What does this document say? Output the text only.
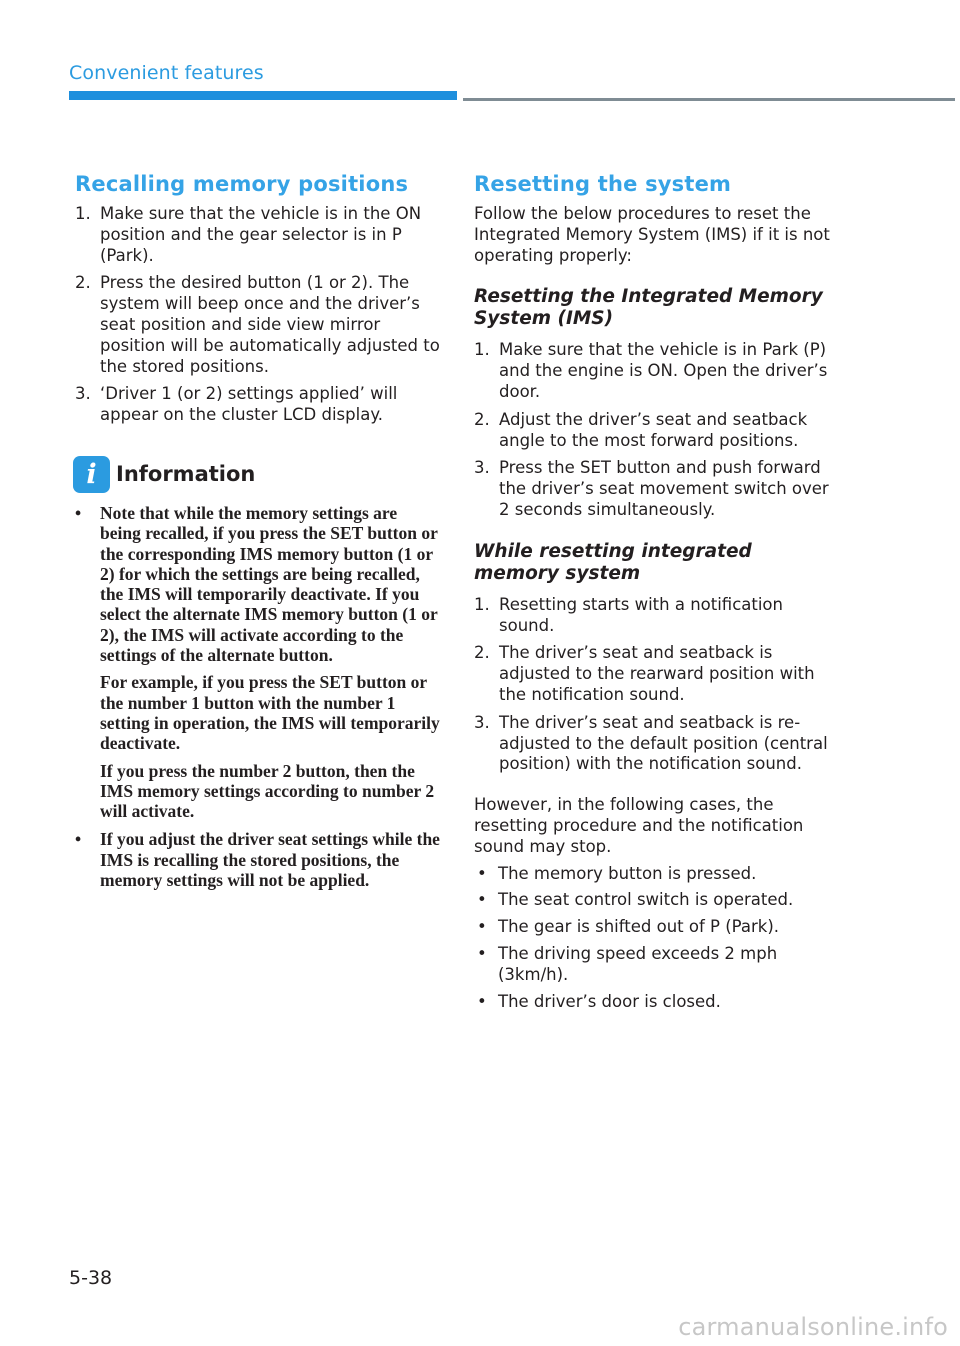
Convenient features
Recalling memory positions
1. Make sure that the vehicle is in the ON position and the gear selector is in P (Park).
2. Press the desired button (1 or 2). The system will beep once and the driver’s seat position and side view mirror position will be automatically adjusted to the stored positions.
3. ‘Driver 1 (or 2) settings applied’ will appear on the cluster LCD display.
i Information
• Note that while the memory settings are being recalled, if you press the SET button or the corresponding IMS memory button (1 or 2) for which the settings are being recalled, the IMS will temporarily deactivate. If you select the alternate IMS memory button (1 or 2), the IMS will activate according to the settings of the alternate button.
For example, if you press the SET button or the number 1 button with the number 1 setting in operation, the IMS will temporarily deactivate.
If you press the number 2 button, then the IMS memory settings according to number 2 will activate.
• If you adjust the driver seat settings while the IMS is recalling the stored positions, the memory settings will not be applied.
Resetting the system

Follow the below procedures to reset the Integrated Memory System (IMS) if it is not operating properly:

Resetting the Integrated Memory System (IMS)
1. Make sure that the vehicle is in Park (P) and the engine is ON. Open the driver’s door.
2. Adjust the driver’s seat and seatback angle to the most forward positions.
3. Press the SET button and push forward the driver’s seat movement switch over 2 seconds simultaneously.
While resetting integrated memory system
1. Resetting starts with a notification sound.
2. The driver’s seat and seatback is adjusted to the rearward position with the notification sound.
3. The driver’s seat and seatback is re-adjusted to the default position (central position) with the notification sound.

However, in the following cases, the resetting procedure and the notification sound may stop.

• The memory button is pressed.
• The seat control switch is operated.
• The gear is shifted out of P (Park).
• The driving speed exceeds 2 mph (3km/h).
• The driver’s door is closed.
5-38
carmanualsonline.info
